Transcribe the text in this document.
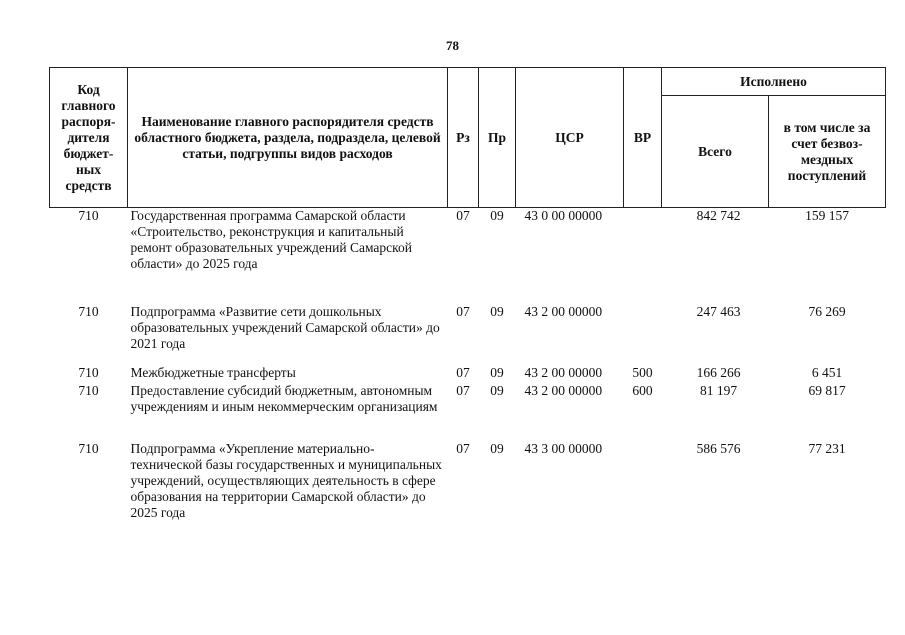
78
Код главного распоря-дителя бюджет-ных средств	Наименование главного распорядителя средств областного бюджета, раздела, подраздела, целевой статьи, подгруппы видов расходов	Рз	Пр	ЦСР	ВР	Исполнено	
						Всего	в том числе за счет безвоз-мездных поступлений
710	Государственная программа Самарской области «Строительство, реконструкция и капитальный ремонт образовательных учреждений Самарской области» до 2025 года	07	09	43 0 00 00000		842 742	159 157
710	Подпрограмма «Развитие сети дошкольных образовательных учреждений Самарской области» до 2021 года	07	09	43 2 00 00000		247 463	76 269
710	Межбюджетные трансферты	07	09	43 2 00 00000	500	166 266	6 451
710	Предоставление субсидий бюджетным, автономным учреждениям и иным некоммерческим организациям	07	09	43 2 00 00000	600	81 197	69 817
710	Подпрограмма «Укрепление материально-технической базы государственных и муниципальных учреждений, осуществляющих деятельность в сфере образования на территории Самарской области» до 2025 года	07	09	43 3 00 00000		586 576	77 231
